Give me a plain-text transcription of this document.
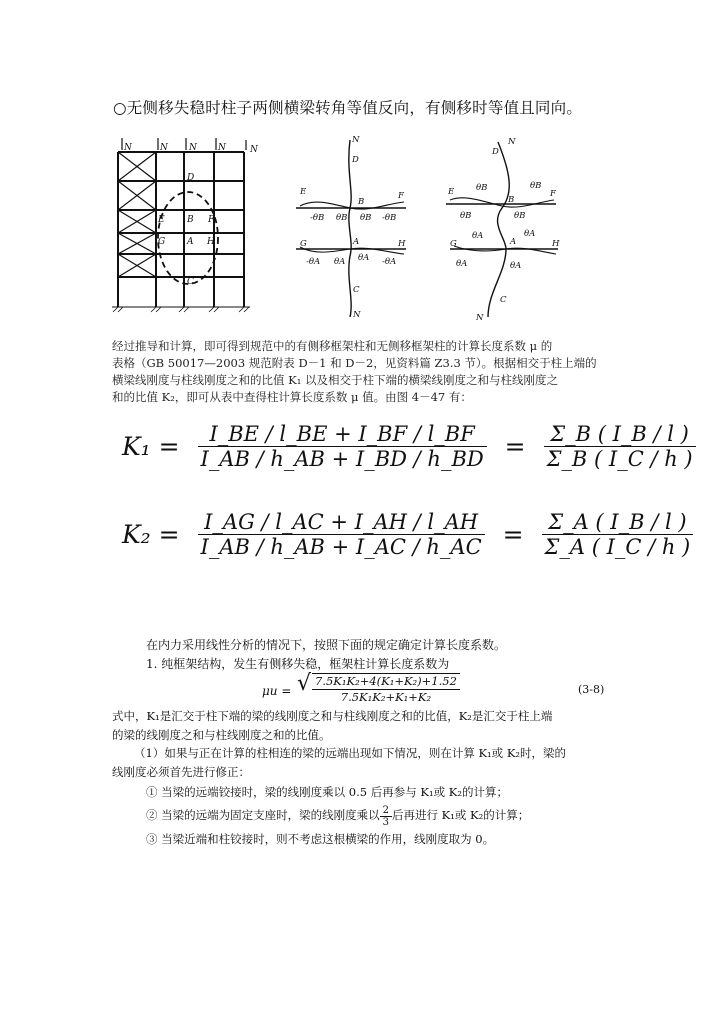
○无侧移失稳时柱子两侧横梁转角等值反向，有侧移时等值且同向。
N	N N N	N
D
E B F
G A H
C
N
D
E
B
F
-θB θB θB -θB
G	A	H
-θA θA θA -θA
C
N
N
D
E
B
F
θB	θB
θB	θB
G	A	H
θA	θA
θA	θA
C
N

经过推导和计算，即可得到规范中的有侧移框架柱和无侧移框架柱的计算长度系数 μ 的

表格（GB 50017—2003 规范附表 D－1 和 D－2，见资料篇 Z3.3 节）。根据相交于柱上端的

横梁线刚度与柱线刚度之和的比值 K₁ 以及相交于柱下端的横梁线刚度之和与柱线刚度之

和的比值 K₂，即可从表中查得柱计算长度系数 μ 值。由图 4－47 有：

$K_1 = \frac{I\_BE / l\_BE + I\_BF / l\_BF}{I\_AB / h\_AB + I\_BD / h\_BD} = \frac{\Sigma\_B ( I\_B / l )}{\Sigma\_B ( I\_C / h )}$
$K_2 = \frac{I\_AG / l\_AC + I\_AH / l\_AH}{I\_AB / h\_AB + I\_AC / h\_AC} = \frac{\Sigma\_A ( I\_B / l )}{\Sigma\_A ( I\_C / h )}$

在内力采用线性分析的情况下，按照下面的规定确定计算长度系数。

1. 纯框架结构，发生有侧移失稳，框架柱计算长度系数为

μu = √ $\frac{\text{7.5K₁K₂+4(K₁+K₂)+1.52}}{\text{7.5K₁K₂+K₁+K₂}}$	(3-8)

式中，K₁是汇交于柱下端的梁的线刚度之和与柱线刚度之和的比值，K₂是汇交于柱上端

的梁的线刚度之和与柱线刚度之和的比值。

（1）如果与正在计算的柱相连的梁的远端出现如下情况，则在计算 K₁或 K₂时，梁的

线刚度必须首先进行修正：

① 当梁的远端铰接时，梁的线刚度乘以 0.5 后再参与 K₁或 K₂的计算；

② 当梁的远端为固定支座时，梁的线刚度乘以 $\frac{2}{3}$ 后再进行 K₁或 K₂的计算；

③ 当梁近端和柱铰接时，则不考虑这根横梁的作用，线刚度取为 0。
